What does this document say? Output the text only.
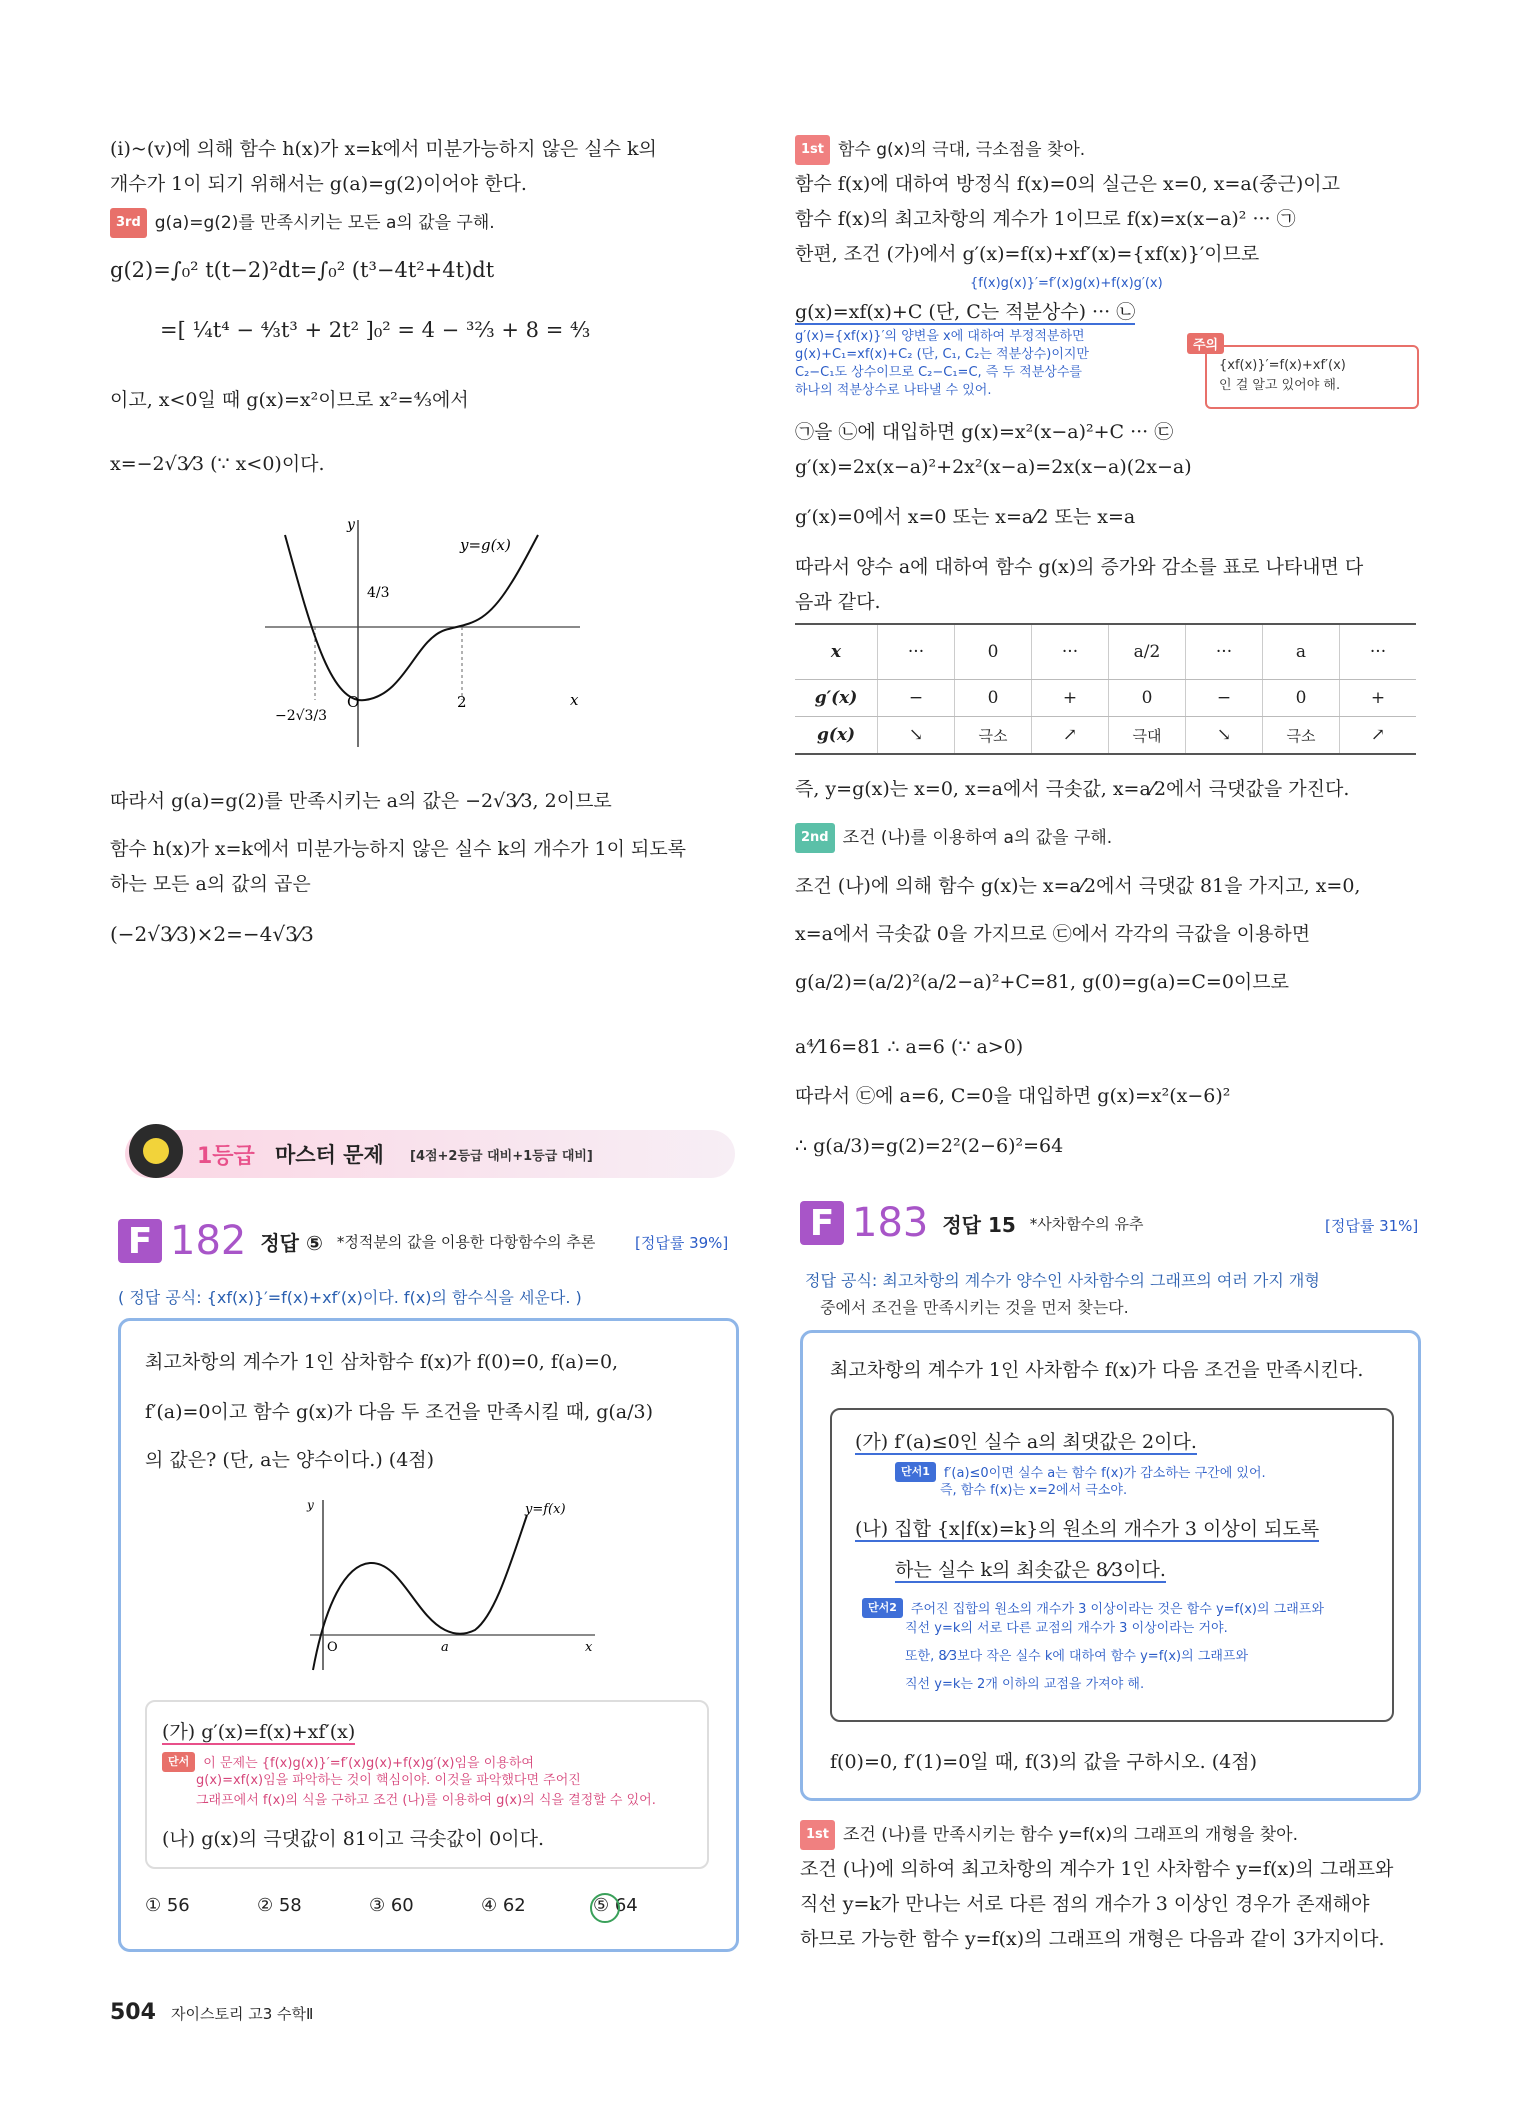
(ⅰ)~(ⅴ)에 의해 함수 h(x)가 x=k에서 미분가능하지 않은 실수 k의
개수가 1이 되기 위해서는 g(a)=g(2)이어야 한다.
3rd g(a)=g(2)를 만족시키는 모든 a의 값을 구해.
g(2)=∫₀² t(t−2)²dt=∫₀² (t³−4t²+4t)dt
=[ ¼t⁴ − ⁴⁄₃t³ + 2t² ]₀² = 4 − ³²⁄₃ + 8 = ⁴⁄₃
이고, x<0일 때 g(x)=x²이므로 x²=⁴⁄₃에서
x=−2√3⁄3 (∵ x<0)이다.
y=g(x)
4/3
−2√3/3
O	2	x
y
따라서 g(a)=g(2)를 만족시키는 a의 값은 −2√3⁄3, 2이므로
함수 h(x)가 x=k에서 미분가능하지 않은 실수 k의 개수가 1이 되도록
하는 모든 a의 값의 곱은
(−2√3⁄3)×2=−4√3⁄3
1등급 마스터 문제 [4점+2등급 대비+1등급 대비]
F 182 정답 ⑤ *정적분의 값을 이용한 다항함수의 추론	[정답률 39%]
( 정답 공식: {xf(x)}′=f(x)+xf′(x)이다. f(x)의 함수식을 세운다. )
최고차항의 계수가 1인 삼차함수 f(x)가 f(0)=0, f(a)=0,
f′(a)=0이고 함수 g(x)가 다음 두 조건을 만족시킬 때, g(a/3)
의 값은? (단, a는 양수이다.) (4점)
y=f(x)
O	a	x
y
(가) g′(x)=f(x)+xf′(x)
단서 이 문제는 {f(x)g(x)}′=f′(x)g(x)+f(x)g′(x)임을 이용하여
g(x)=xf(x)임을 파악하는 것이 핵심이야. 이것을 파악했다면 주어진
그래프에서 f(x)의 식을 구하고 조건 (나)를 이용하여 g(x)의 식을 결정할 수 있어.
(나) g(x)의 극댓값이 81이고 극솟값이 0이다.
① 56	② 58	③ 60	④ 62	⑤ 64
504 자이스토리 고3 수학Ⅱ
1st 함수 g(x)의 극대, 극소점을 찾아.
함수 f(x)에 대하여 방정식 f(x)=0의 실근은 x=0, x=a(중근)이고
함수 f(x)의 최고차항의 계수가 1이므로 f(x)=x(x−a)² ··· ㉠
한편, 조건 (가)에서 g′(x)=f(x)+xf′(x)={xf(x)}′이므로
{f(x)g(x)}′=f′(x)g(x)+f(x)g′(x)
g(x)=xf(x)+C (단, C는 적분상수) ··· ㉡
g′(x)={xf(x)}′의 양변을 x에 대하여 부정적분하면
g(x)+C₁=xf(x)+C₂ (단, C₁, C₂는 적분상수)이지만
C₂−C₁도 상수이므로 C₂−C₁=C, 즉 두 적분상수를
하나의 적분상수로 나타낼 수 있어.
주의
{xf(x)}′=f(x)+xf′(x)
인 걸 알고 있어야 해.
㉠을 ㉡에 대입하면 g(x)=x²(x−a)²+C ··· ㉢
g′(x)=2x(x−a)²+2x²(x−a)=2x(x−a)(2x−a)
g′(x)=0에서 x=0 또는 x=a⁄2 또는 x=a
따라서 양수 a에 대하여 함수 g(x)의 증가와 감소를 표로 나타내면 다
음과 같다.
x	···	0	···	a/2	···	a	···
g′(x)	−	0	+	0	−	0	+
g(x)	↘	극소	↗	극대	↘	극소	↗
즉, y=g(x)는 x=0, x=a에서 극솟값, x=a⁄2에서 극댓값을 가진다.
2nd 조건 (나)를 이용하여 a의 값을 구해.
조건 (나)에 의해 함수 g(x)는 x=a⁄2에서 극댓값 81을 가지고, x=0,
x=a에서 극솟값 0을 가지므로 ㉢에서 각각의 극값을 이용하면
g(a/2)=(a/2)²(a/2−a)²+C=81, g(0)=g(a)=C=0이므로
a⁴⁄16=81 ∴ a=6 (∵ a>0)
따라서 ㉢에 a=6, C=0을 대입하면 g(x)=x²(x−6)²
∴ g(a/3)=g(2)=2²(2−6)²=64
F 183 정답 15 *사차함수의 유추	[정답률 31%]
정답 공식: 최고차항의 계수가 양수인 사차함수의 그래프의 여러 가지 개형
중에서 조건을 만족시키는 것을 먼저 찾는다.
최고차항의 계수가 1인 사차함수 f(x)가 다음 조건을 만족시킨다.
(가) f′(a)≤0인 실수 a의 최댓값은 2이다.
단서1 f′(a)≤0이면 실수 a는 함수 f(x)가 감소하는 구간에 있어.
즉, 함수 f(x)는 x=2에서 극소야.
(나) 집합 {x|f(x)=k}의 원소의 개수가 3 이상이 되도록
하는 실수 k의 최솟값은 8⁄3이다.
단서2 주어진 집합의 원소의 개수가 3 이상이라는 것은 함수 y=f(x)의 그래프와
직선 y=k의 서로 다른 교점의 개수가 3 이상이라는 거야.
또한, 8⁄3보다 작은 실수 k에 대하여 함수 y=f(x)의 그래프와
직선 y=k는 2개 이하의 교점을 가져야 해.
f(0)=0, f′(1)=0일 때, f(3)의 값을 구하시오. (4점)
1st 조건 (나)를 만족시키는 함수 y=f(x)의 그래프의 개형을 찾아.
조건 (나)에 의하여 최고차항의 계수가 1인 사차함수 y=f(x)의 그래프와
직선 y=k가 만나는 서로 다른 점의 개수가 3 이상인 경우가 존재해야
하므로 가능한 함수 y=f(x)의 그래프의 개형은 다음과 같이 3가지이다.
